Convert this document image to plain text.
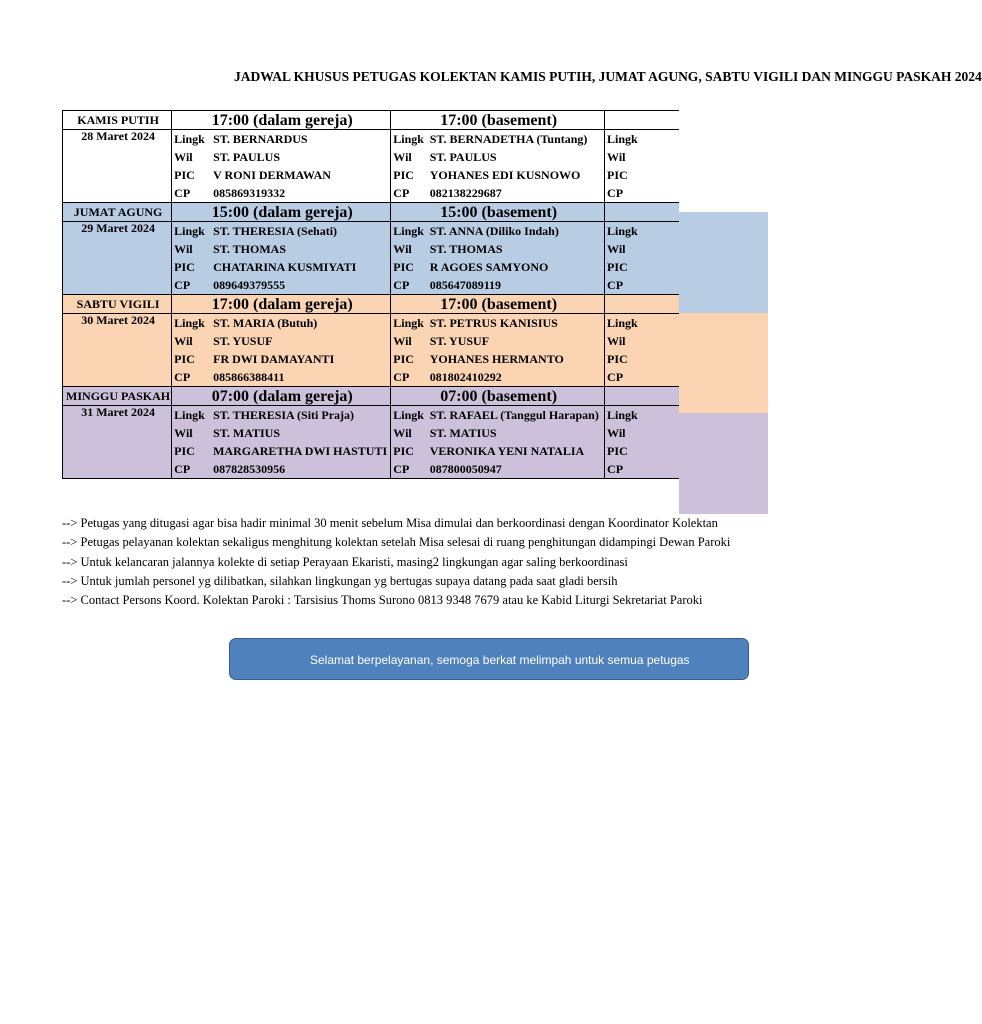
JADWAL KHUSUS PETUGAS KOLEKTAN KAMIS PUTIH, JUMAT AGUNG, SABTU VIGILI DAN MINGGU PASKAH 2024
KAMIS PUTIH	17:00 (dalam gereja)		17:00 (basement)			
28 Maret 2024	Lingk	ST. BERNARDUS	Lingk	ST. BERNADETHA (Tuntang)	Lingk	
	Wil	ST. PAULUS	Wil	ST. PAULUS	Wil	
	PIC	V RONI DERMAWAN	PIC	YOHANES EDI KUSNOWO	PIC	
	CP	085869319332	CP	082138229687	CP	
JUMAT AGUNG	15:00 (dalam gereja)		15:00 (basement)			
29 Maret 2024	Lingk	ST. THERESIA (Sehati)	Lingk	ST. ANNA (Diliko Indah)	Lingk	
	Wil	ST. THOMAS	Wil	ST. THOMAS	Wil	
	PIC	CHATARINA KUSMIYATI	PIC	R AGOES SAMYONO	PIC	
	CP	089649379555	CP	085647089119	CP	
SABTU VIGILI	17:00 (dalam gereja)		17:00 (basement)			
30 Maret 2024	Lingk	ST. MARIA (Butuh)	Lingk	ST. PETRUS KANISIUS	Lingk	
	Wil	ST. YUSUF	Wil	ST. YUSUF	Wil	
	PIC	FR DWI DAMAYANTI	PIC	YOHANES HERMANTO	PIC	
	CP	085866388411	CP	081802410292	CP	
MINGGU PASKAH	07:00 (dalam gereja)		07:00 (basement)			
31 Maret 2024	Lingk	ST. THERESIA (Siti Praja)	Lingk	ST. RAFAEL (Tanggul Harapan)	Lingk	
	Wil	ST. MATIUS	Wil	ST. MATIUS	Wil	
	PIC	MARGARETHA DWI HASTUTI	PIC	VERONIKA YENI NATALIA	PIC	
	CP	087828530956	CP	087800050947	CP	
--> Petugas yang ditugasi agar bisa hadir minimal 30 menit sebelum Misa dimulai dan berkoordinasi dengan Koordinator Kolektan
--> Petugas pelayanan kolektan sekaligus menghitung kolektan setelah Misa selesai di ruang penghitungan didampingi Dewan Paroki
--> Untuk kelancaran jalannya kolekte di setiap Perayaan Ekaristi, masing2 lingkungan agar saling berkoordinasi
--> Untuk jumlah personel yg dilibatkan, silahkan lingkungan yg bertugas supaya datang pada saat gladi bersih
--> Contact Persons Koord. Kolektan Paroki : Tarsisius Thoms Surono 0813 9348 7679 atau ke Kabid Liturgi Sekretariat Paroki
Selamat berpelayanan, semoga berkat melimpah untuk semua petugas
